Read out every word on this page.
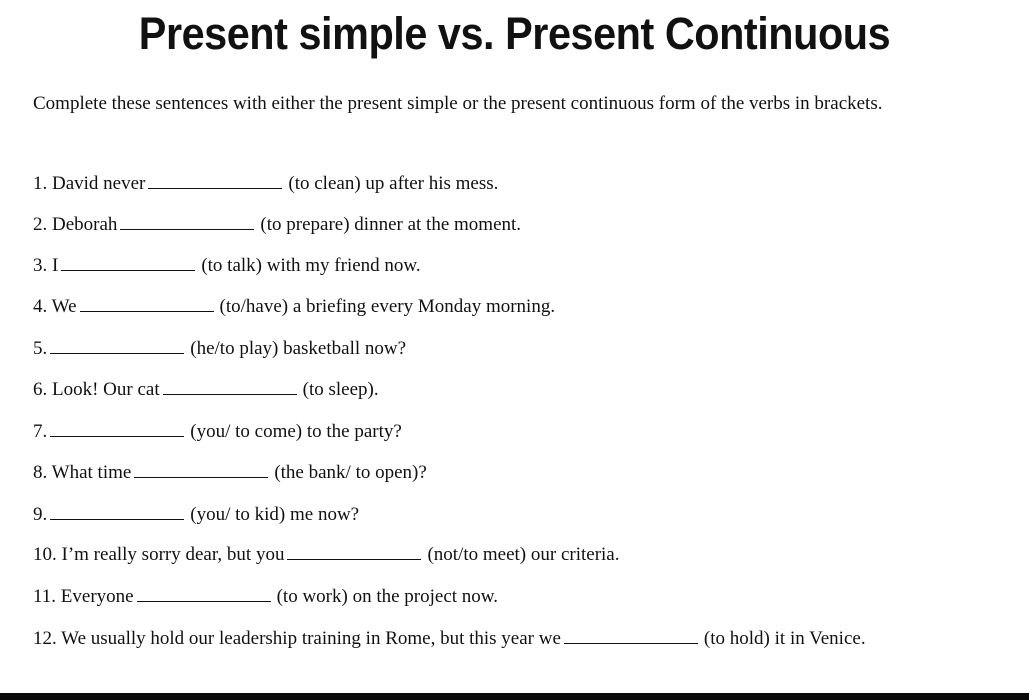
Present simple vs. Present Continuous

Complete these sentences with either the present simple or the present continuous form of the verbs in brackets.

1. David never	(to clean) up after his mess.
2. Deborah	(to prepare) dinner at the moment.
3. I	(to talk) with my friend now.
4. We	(to/have) a briefing every Monday morning.
5.	(he/to play) basketball now?
6. Look! Our cat	(to sleep).
7.	(you/ to come) to the party?
8. What time	(the bank/ to open)?
9.	(you/ to kid) me now?
10. I’m really sorry dear, but you	(not/to meet) our criteria.
11. Everyone	(to work) on the project now.
12. We usually hold our leadership training in Rome, but this year we	(to hold) it in Venice.
